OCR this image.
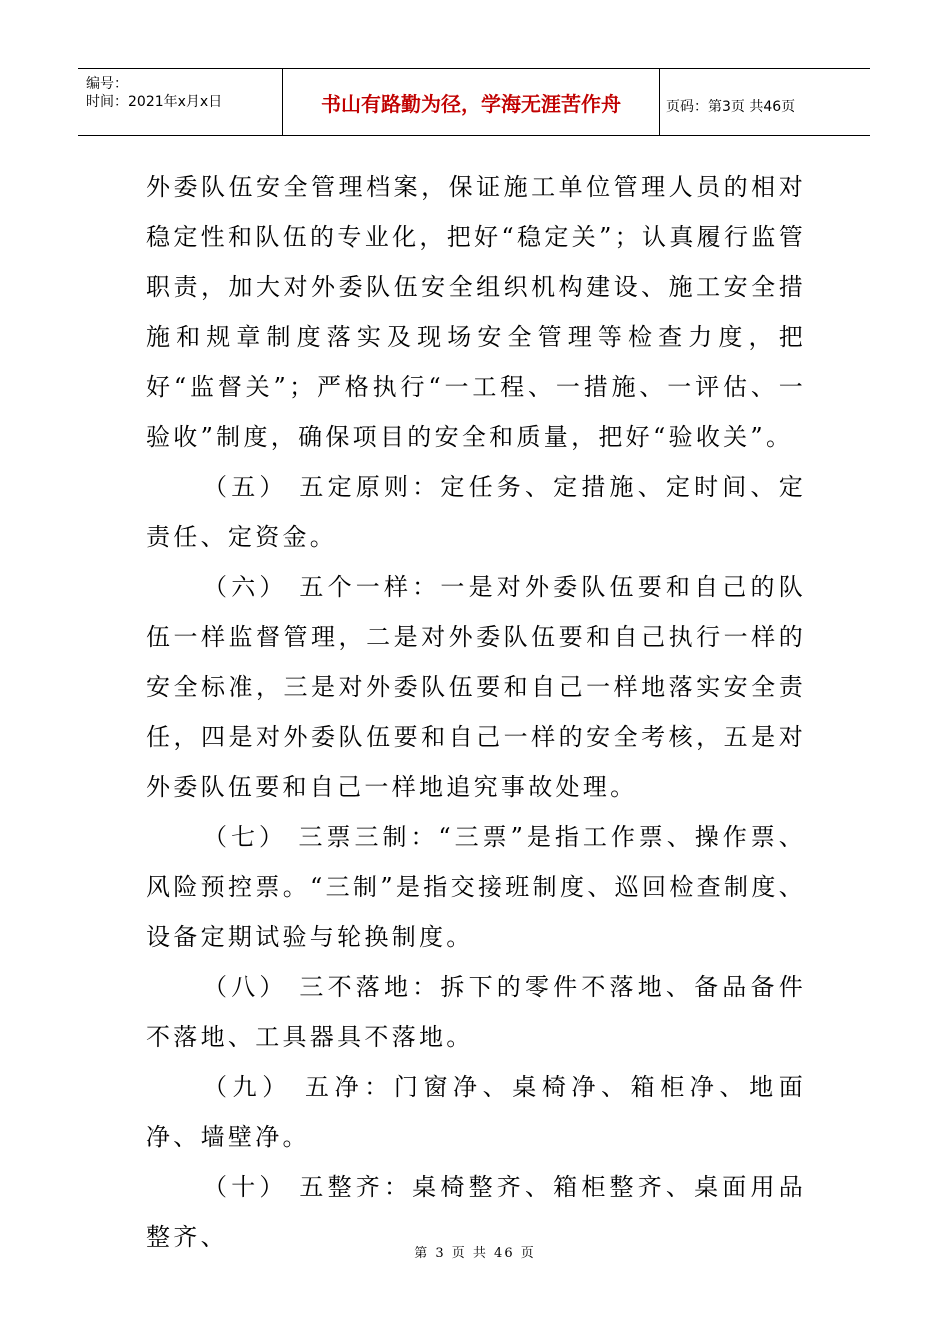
编号：
时间：2021年x月x日	书山有路勤为径，学海无涯苦作舟	页码：第3页 共46页

外委队伍安全管理档案，保证施工单位管理人员的相对稳定性和队伍的专业化，把好“稳定关”；认真履行监管职责，加大对外委队伍安全组织机构建设、施工安全措施和规章制度落实及现场安全管理等检查力度，把好“监督关”；严格执行“一工程、一措施、一评估、一验收”制度，确保项目的安全和质量，把好“验收关”。

（五） 五定原则：定任务、定措施、定时间、定责任、定资金。

（六） 五个一样：一是对外委队伍要和自己的队伍一样监督管理，二是对外委队伍要和自己执行一样的安全标准，三是对外委队伍要和自己一样地落实安全责任，四是对外委队伍要和自己一样的安全考核，五是对外委队伍要和自己一样地追究事故处理。

（七） 三票三制：“三票”是指工作票、操作票、风险预控票。“三制”是指交接班制度、巡回检查制度、设备定期试验与轮换制度。

（八） 三不落地：拆下的零件不落地、备品备件不落地、工具器具不落地。

（九） 五净：门窗净、桌椅净、箱柜净、地面净、墙壁净。

（十） 五整齐：桌椅整齐、箱柜整齐、桌面用品整齐、

第 3 页 共 46 页
